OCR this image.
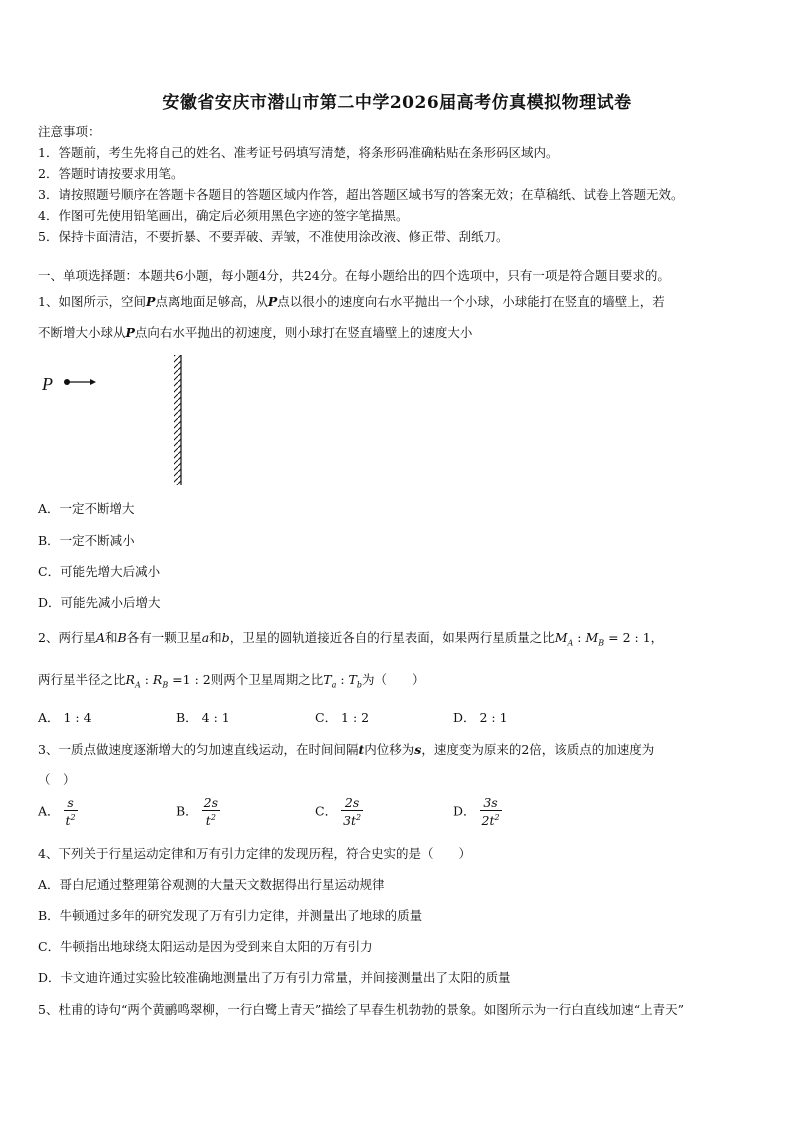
安徽省安庆市潜山市第二中学2026届高考仿真模拟物理试卷
注意事项：
1．答题前，考生先将自己的姓名、准考证号码填写清楚，将条形码准确粘贴在条形码区域内。
2．答题时请按要求用笔。
3．请按照题号顺序在答题卡各题目的答题区域内作答，超出答题区域书写的答案无效；在草稿纸、试卷上答题无效。
4．作图可先使用铅笔画出，确定后必须用黑色字迹的签字笔描黑。
5．保持卡面清洁，不要折暴、不要弄破、弄皱，不准使用涂改液、修正带、刮纸刀。
一、单项选择题：本题共6小题，每小题4分，共24分。在每小题给出的四个选项中，只有一项是符合题目要求的。
1、如图所示，空间P点离地面足够高，从P点以很小的速度向右水平抛出一个小球，小球能打在竖直的墙壁上，若
不断增大小球从P点向右水平抛出的初速度，则小球打在竖直墙壁上的速度大小
P
A．一定不断增大
B．一定不断减小
C．可能先增大后减小
D．可能先减小后增大
2、两行星A和B各有一颗卫星a和b，卫星的圆轨道接近各自的行星表面，如果两行星质量之比$M_A$ : $M_B = 2$ : 1，
两行星半径之比$R_A$ : $R_B =1$ : 2则两个卫星周期之比$T_a$ : $T_b$为（　　）
A． 1 : 4	B． 4 : 1	C． 1 : 2	D． 2 : 1
3、一质点做速度逐渐增大的匀加速直线运动，在时间间隔t内位移为s，速度变为原来的2倍，该质点的加速度为
（　）
A． $\frac{s}{t^2}$	B． $\frac{2s}{t^2}$	C． $\frac{2s}{3t^2}$	D． $\frac{3s}{2t^2}$
4、下列关于行星运动定律和万有引力定律的发现历程，符合史实的是（　　）
A．哥白尼通过整理第谷观测的大量天文数据得出行星运动规律
B．牛顿通过多年的研究发现了万有引力定律，并测量出了地球的质量
C．牛顿指出地球绕太阳运动是因为受到来自太阳的万有引力
D．卡文迪许通过实验比较准确地测量出了万有引力常量，并间接测量出了太阳的质量
5、杜甫的诗句“两个黄鹂鸣翠柳，一行白鹭上青天”描绘了早春生机勃勃的景象。如图所示为一行白直线加速“上青天”
